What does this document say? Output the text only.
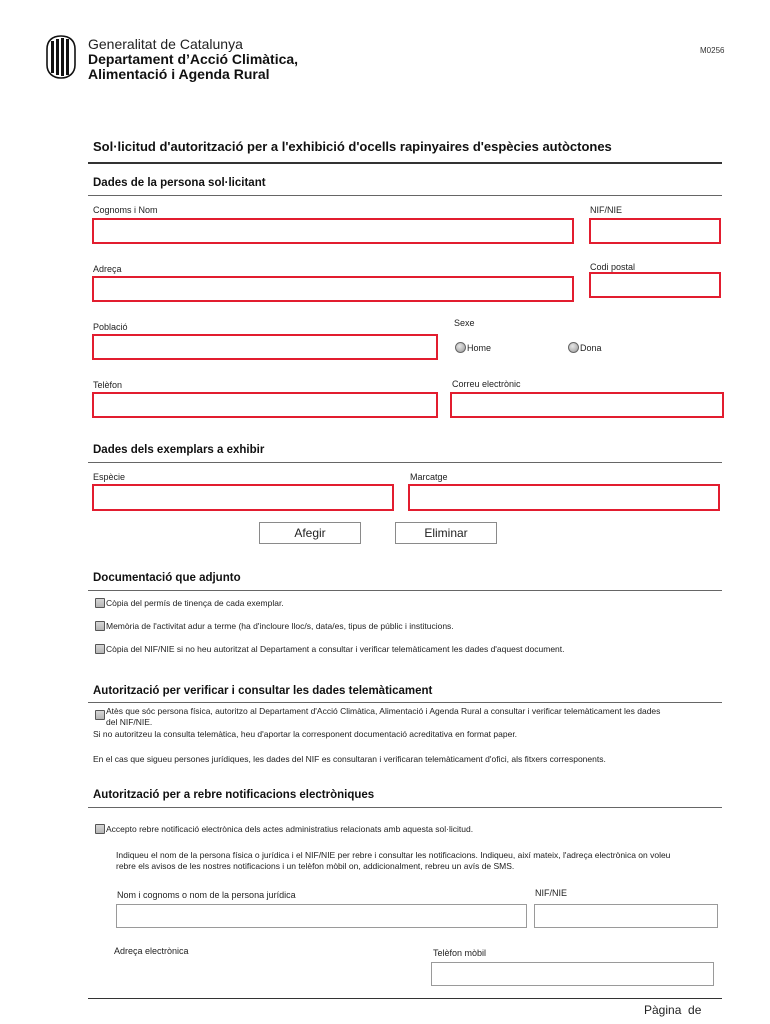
Generalitat de Catalunya
Departament d’Acció Climàtica,
Alimentació i Agenda Rural
M0256
Sol·licitud d'autorització per a l'exhibició d'ocells rapinyaires d'espècies autòctones
Dades de la persona sol·licitant
Cognoms i Nom	NIF/NIE
Adreça	Codi postal
Població	Sexe
Home	Dona
Telèfon	Correu electrònic
Dades dels exemplars a exhibir
Espècie	Marcatge
Afegir	Eliminar
Documentació que adjunto
Còpia del permís de tinença de cada exemplar.
Memòria de l'activitat adur a terme (ha d'incloure lloc/s, data/es, tipus de públic i institucions.
Còpia del NIF/NIE si no heu autoritzat al Departament a consultar i verificar telemàticament les dades d'aquest document.
Autorització per verificar i consultar les dades telemàticament
Atès que sóc persona física, autoritzo al Departament d'Acció Climàtica, Alimentació i Agenda Rural a consultar i verificar telemàticament les dades
del NIF/NIE.
Si no autoritzeu la consulta telemàtica, heu d'aportar la corresponent documentació acreditativa en format paper.
En el cas que sigueu persones jurídiques, les dades del NIF es consultaran i verificaran telemàticament d'ofici, als fitxers corresponents.
Autorització per a rebre notificacions electròniques
Accepto rebre notificació electrònica dels actes administratius relacionats amb aquesta sol·licitud.
Indiqueu el nom de la persona física o jurídica i el NIF/NIE per rebre i consultar les notificacions. Indiqueu, així mateix, l'adreça electrònica on voleu
rebre els avisos de les nostres notificacions i un telèfon mòbil on, addicionalment, rebreu un avís de SMS.
Nom i cognoms o nom de la persona jurídica	NIF/NIE
Adreça electrònica	Telèfon mòbil
Pàgina  de
